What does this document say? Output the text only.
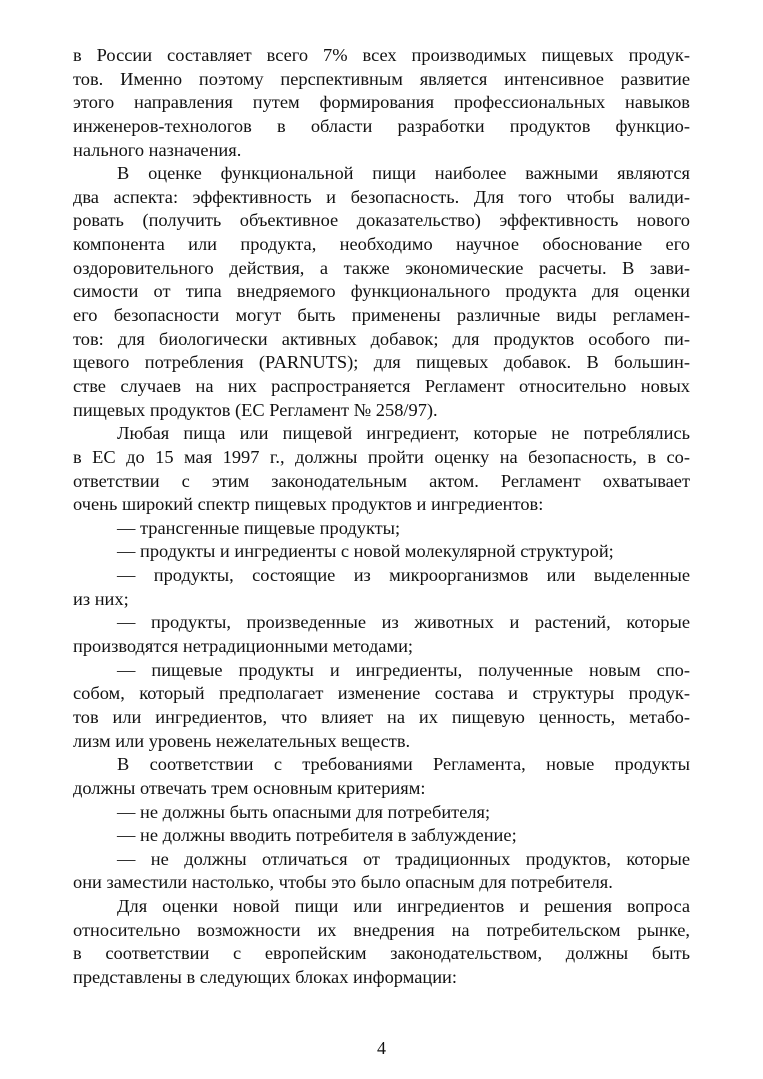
в России составляет всего 7% всех производимых пищевых продук-
тов. Именно поэтому перспективным является интенсивное развитие
этого направления путем формирования профессиональных навыков
инженеров-технологов в области разработки продуктов функцио-
нального назначения.
В оценке функциональной пищи наиболее важными являются
два аспекта: эффективность и безопасность. Для того чтобы валиди-
ровать (получить объективное доказательство) эффективность нового
компонента или продукта, необходимо научное обоснование его
оздоровительного действия, а также экономические расчеты. В зави-
симости от типа внедряемого функционального продукта для оценки
его безопасности могут быть применены различные виды регламен-
тов: для биологически активных добавок; для продуктов особого пи-
щевого потребления (PARNUTS); для пищевых добавок. В большин-
стве случаев на них распространяется Регламент относительно новых
пищевых продуктов (ЕС Регламент № 258/97).
Любая пища или пищевой ингредиент, которые не потреблялись
в ЕС до 15 мая 1997 г., должны пройти оценку на безопасность, в со-
ответствии с этим законодательным актом. Регламент охватывает
очень широкий спектр пищевых продуктов и ингредиентов:
— трансгенные пищевые продукты;
— продукты и ингредиенты с новой молекулярной структурой;
— продукты, состоящие из микроорганизмов или выделенные
из них;
— продукты, произведенные из животных и растений, которые
производятся нетрадиционными методами;
— пищевые продукты и ингредиенты, полученные новым спо-
собом, который предполагает изменение состава и структуры продук-
тов или ингредиентов, что влияет на их пищевую ценность, метабо-
лизм или уровень нежелательных веществ.
В соответствии с требованиями Регламента, новые продукты
должны отвечать трем основным критериям:
— не должны быть опасными для потребителя;
— не должны вводить потребителя в заблуждение;
— не должны отличаться от традиционных продуктов, которые
они заместили настолько, чтобы это было опасным для потребителя.
Для оценки новой пищи или ингредиентов и решения вопроса
относительно возможности их внедрения на потребительском рынке,
в соответствии с европейским законодательством, должны быть
представлены в следующих блоках информации:
4
